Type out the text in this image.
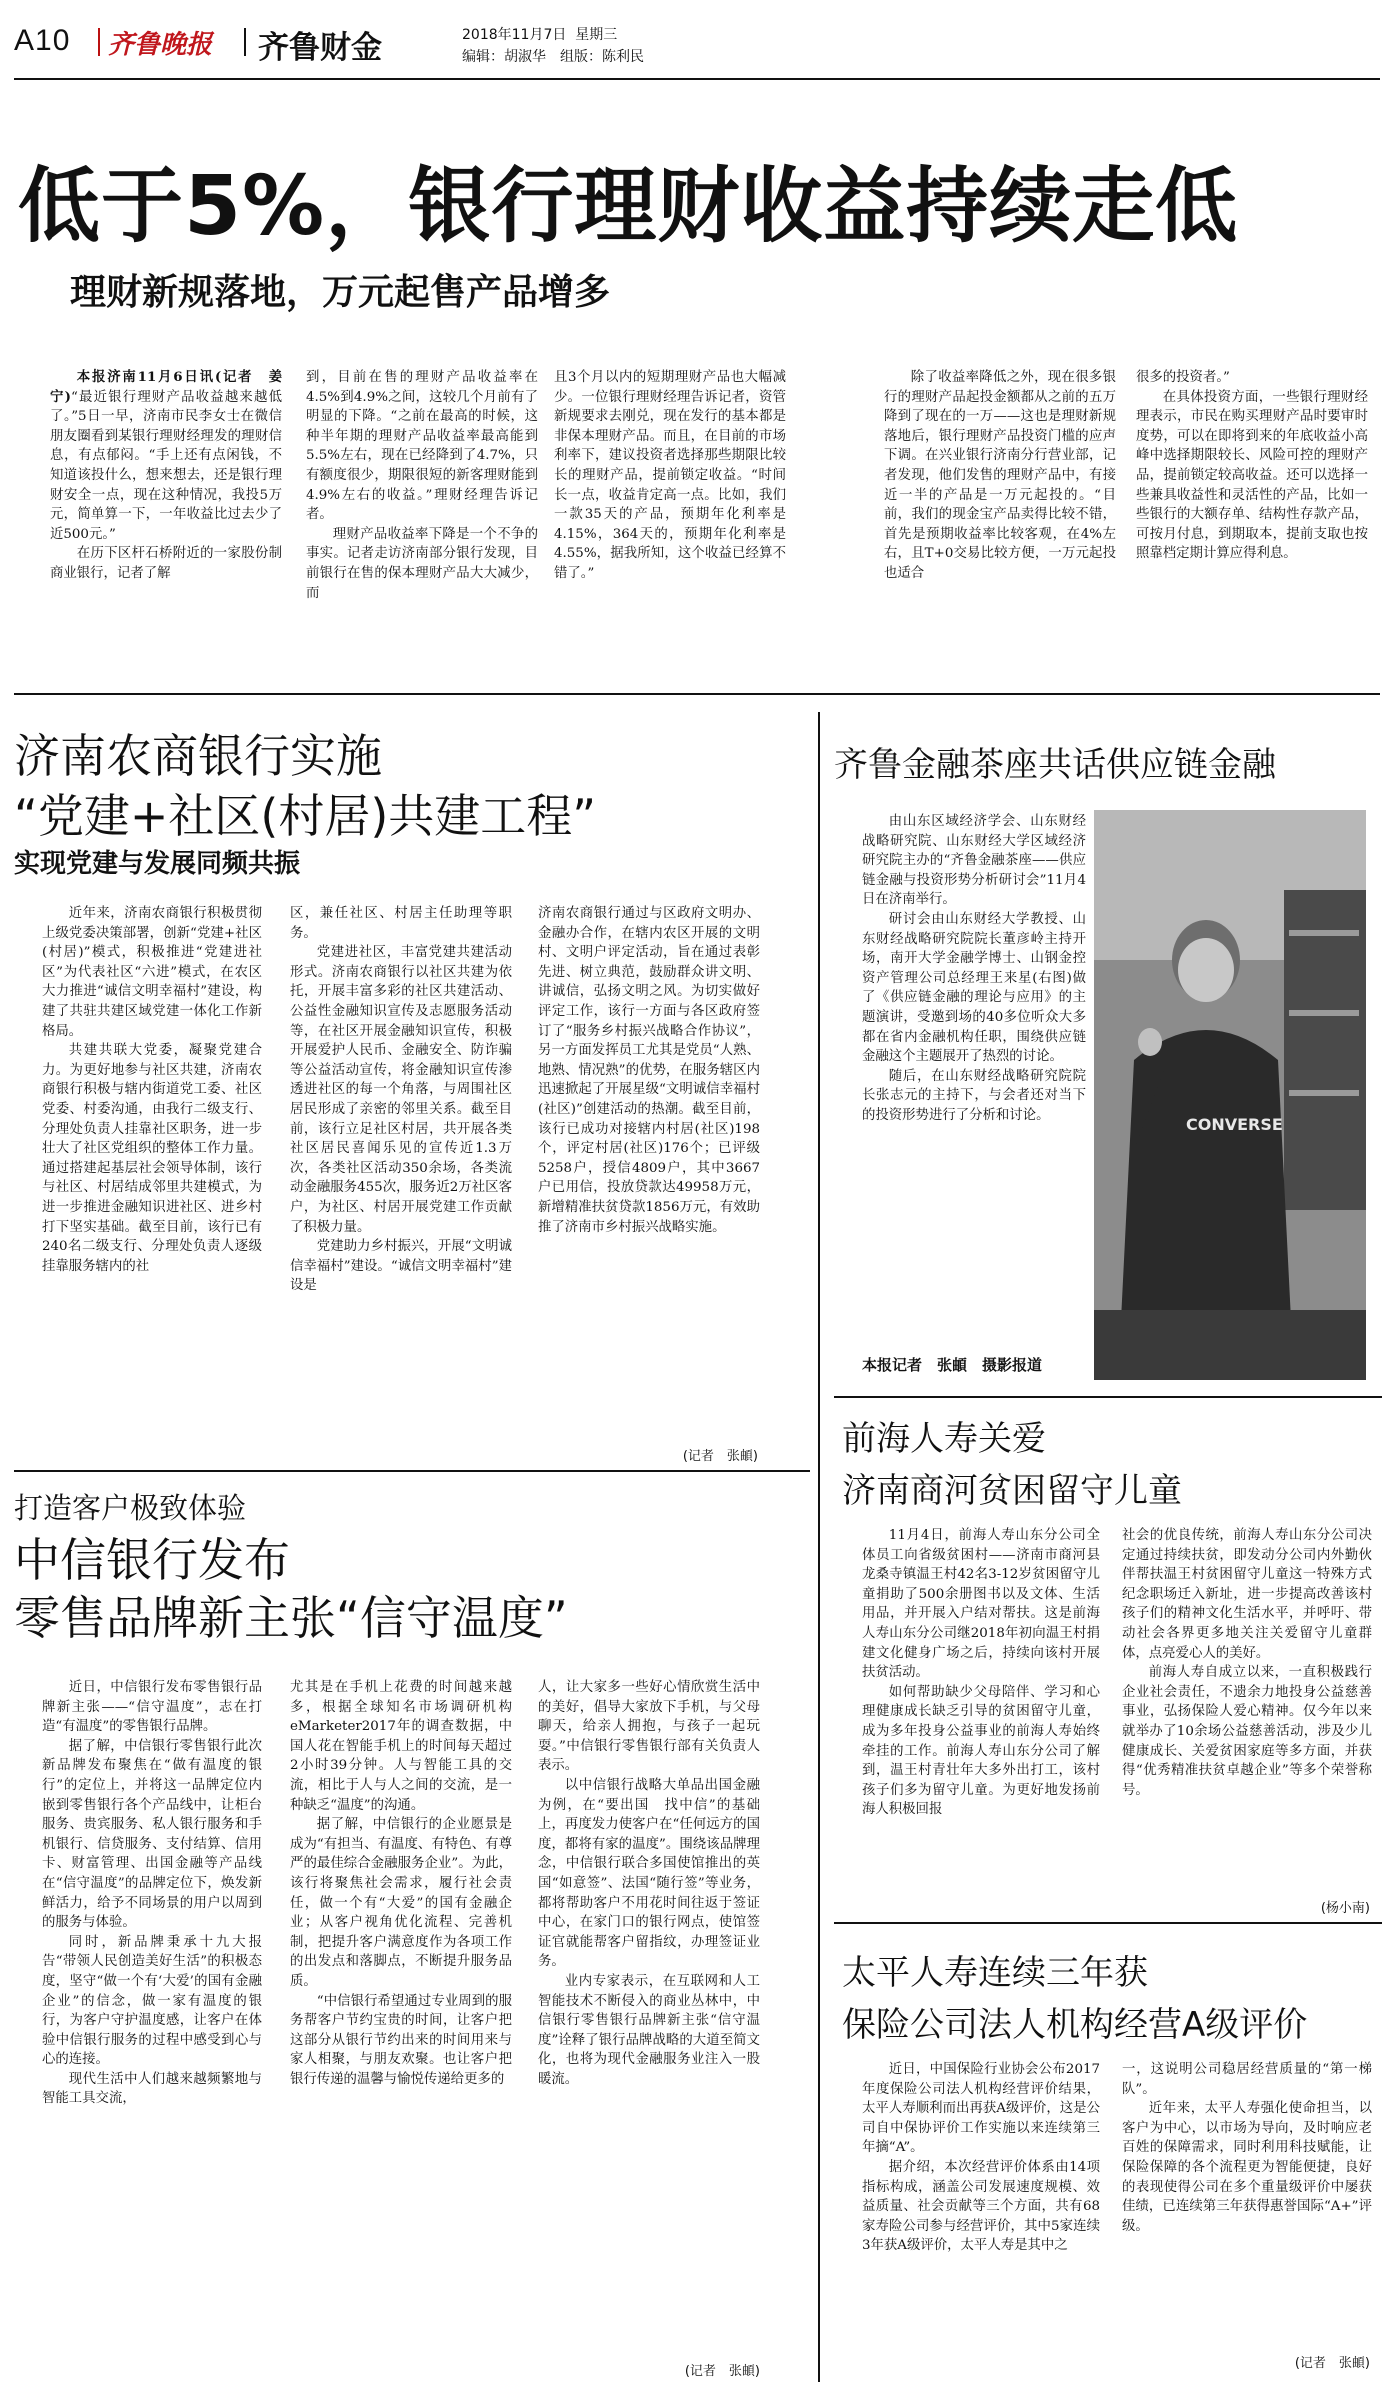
A10 齐鲁晚报 齐鲁财金	2018年11月7日 星期三
编辑：胡淑华　组版：陈利民
低于5%，银行理财收益持续走低
理财新规落地，万元起售产品增多

本报济南11月6日讯(记者　姜宁)“最近银行理财产品收益越来越低了。”5日一早，济南市民李女士在微信朋友圈看到某银行理财经理发的理财信息，有点郁闷。“手上还有点闲钱，不知道该投什么，想来想去，还是银行理财安全一点，现在这种情况，我投5万元，简单算一下，一年收益比过去少了近500元。”

在历下区杆石桥附近的一家股份制商业银行，记者了解

到，目前在售的理财产品收益率在4.5%到4.9%之间，这较几个月前有了明显的下降。“之前在最高的时候，这种半年期的理财产品收益率最高能到5.5%左右，现在已经降到了4.7%，只有额度很少，期限很短的新客理财能到4.9%左右的收益。”理财经理告诉记者。

理财产品收益率下降是一个不争的事实。记者走访济南部分银行发现，目前银行在售的保本理财产品大大减少，而

且3个月以内的短期理财产品也大幅减少。一位银行理财经理告诉记者，资管新规要求去刚兑，现在发行的基本都是非保本理财产品。而且，在目前的市场利率下，建议投资者选择那些期限比较长的理财产品，提前锁定收益。“时间长一点，收益肯定高一点。比如，我们一款35天的产品，预期年化利率是4.15%，364天的，预期年化利率是4.55%，据我所知，这个收益已经算不错了。”

除了收益率降低之外，现在很多银行的理财产品起投金额都从之前的五万降到了现在的一万——这也是理财新规落地后，银行理财产品投资门槛的应声下调。在兴业银行济南分行营业部，记者发现，他们发售的理财产品中，有接近一半的产品是一万元起投的。“目前，我们的现金宝产品卖得比较不错，首先是预期收益率比较客观，在4%左右，且T+0交易比较方便，一万元起投也适合

很多的投资者。”

在具体投资方面，一些银行理财经理表示，市民在购买理财产品时要审时度势，可以在即将到来的年底收益小高峰中选择期限较长、风险可控的理财产品，提前锁定较高收益。还可以选择一些兼具收益性和灵活性的产品，比如一些银行的大额存单、结构性存款产品，可按月付息，到期取本，提前支取也按照靠档定期计算应得利息。

济南农商银行实施
“党建+社区(村居)共建工程”
实现党建与发展同频共振

近年来，济南农商银行积极贯彻上级党委决策部署，创新“党建+社区(村居)”模式，积极推进“党建进社区”为代表社区“六进”模式，在农区大力推进“诚信文明幸福村”建设，构建了共驻共建区域党建一体化工作新格局。

共建共联大党委，凝聚党建合力。为更好地参与社区共建，济南农商银行积极与辖内街道党工委、社区党委、村委沟通，由我行二级支行、分理处负责人挂靠社区职务，进一步壮大了社区党组织的整体工作力量。通过搭建起基层社会领导体制，该行与社区、村居结成邻里共建模式，为进一步推进金融知识进社区、进乡村打下坚实基础。截至目前，该行已有240名二级支行、分理处负责人逐级挂靠服务辖内的社

区，兼任社区、村居主任助理等职务。

党建进社区，丰富党建共建活动形式。济南农商银行以社区共建为依托，开展丰富多彩的社区共建活动、公益性金融知识宣传及志愿服务活动等，在社区开展金融知识宣传，积极开展爱护人民币、金融安全、防诈骗等公益活动宣传，将金融知识宣传渗透进社区的每一个角落，与周围社区居民形成了亲密的邻里关系。截至目前，该行立足社区村居，共开展各类社区居民喜闻乐见的宣传近1.3万次，各类社区活动350余场，各类流动金融服务455次，服务近2万社区客户，为社区、村居开展党建工作贡献了积极力量。

党建助力乡村振兴，开展“文明诚信幸福村”建设。“诚信文明幸福村”建设是

济南农商银行通过与区政府文明办、金融办合作，在辖内农区开展的文明村、文明户评定活动，旨在通过表彰先进、树立典范，鼓励群众讲文明、讲诚信，弘扬文明之风。为切实做好评定工作，该行一方面与各区政府签订了“服务乡村振兴战略合作协议”，另一方面发挥员工尤其是党员“人熟、地熟、情况熟”的优势，在服务辖区内迅速掀起了开展星级“文明诚信幸福村(社区)”创建活动的热潮。截至目前，该行已成功对接辖内村居(社区)198个，评定村居(社区)176个；已评级5258户，授信4809户，其中3667户已用信，投放贷款达49958万元，新增精准扶贫贷款1856万元，有效助推了济南市乡村振兴战略实施。

(记者　张頔)
齐鲁金融茶座共话供应链金融

由山东区域经济学会、山东财经战略研究院、山东财经大学区域经济研究院主办的“齐鲁金融茶座——供应链金融与投资形势分析研讨会”11月4日在济南举行。

研讨会由山东财经大学教授、山东财经战略研究院院长董彦岭主持开场，南开大学金融学博士、山钢金控资产管理公司总经理王来星(右图)做了《供应链金融的理论与应用》的主题演讲，受邀到场的40多位听众大多都在省内金融机构任职，围绕供应链金融这个主题展开了热烈的讨论。

随后，在山东财经战略研究院院长张志元的主持下，与会者还对当下的投资形势进行了分析和讨论。	CONVERSE
本报记者　张頔　摄影报道
前海人寿关爱
济南商河贫困留守儿童

11月4日，前海人寿山东分公司全体员工向省级贫困村——济南市商河县龙桑寺镇温王村42名3-12岁贫困留守儿童捐助了500余册图书以及文体、生活用品，并开展入户结对帮扶。这是前海人寿山东分公司继2018年初向温王村捐建文化健身广场之后，持续向该村开展扶贫活动。

如何帮助缺少父母陪伴、学习和心理健康成长缺乏引导的贫困留守儿童，成为多年投身公益事业的前海人寿始终牵挂的工作。前海人寿山东分公司了解到，温王村青壮年大多外出打工，该村孩子们多为留守儿童。为更好地发扬前海人积极回报

社会的优良传统，前海人寿山东分公司决定通过持续扶贫，即发动分公司内外勤伙伴帮扶温王村贫困留守儿童这一特殊方式纪念职场迁入新址，进一步提高改善该村孩子们的精神文化生活水平，并呼吁、带动社会各界更多地关注关爱留守儿童群体，点亮爱心人的美好。

前海人寿自成立以来，一直积极践行企业社会责任，不遗余力地投身公益慈善事业，弘扬保险人爱心精神。仅今年以来就举办了10余场公益慈善活动，涉及少儿健康成长、关爱贫困家庭等多方面，并获得“优秀精准扶贫卓越企业”等多个荣誉称号。

(杨小南)
太平人寿连续三年获
保险公司法人机构经营A级评价

近日，中国保险行业协会公布2017年度保险公司法人机构经营评价结果，太平人寿顺利而出再获A级评价，这是公司自中保协评价工作实施以来连续第三年摘“A”。

据介绍，本次经营评价体系由14项指标构成，涵盖公司发展速度规模、效益质量、社会贡献等三个方面，共有68家寿险公司参与经营评价，其中5家连续3年获A级评价，太平人寿是其中之

一，这说明公司稳居经营质量的“第一梯队”。

近年来，太平人寿强化使命担当，以客户为中心，以市场为导向，及时响应老百姓的保障需求，同时利用科技赋能，让保险保障的各个流程更为智能便捷，良好的表现使得公司在多个重量级评价中屡获佳绩，已连续第三年获得惠誉国际“A+”评级。

(记者　张頔)
打造客户极致体验
中信银行发布
零售品牌新主张“信守温度”

近日，中信银行发布零售银行品牌新主张——“信守温度”，志在打造“有温度”的零售银行品牌。

据了解，中信银行零售银行此次新品牌发布聚焦在“做有温度的银行”的定位上，并将这一品牌定位内嵌到零售银行各个产品线中，让柜台服务、贵宾服务、私人银行服务和手机银行、信贷服务、支付结算、信用卡、财富管理、出国金融等产品线在“信守温度”的品牌定位下，焕发新鲜活力，给予不同场景的用户以周到的服务与体验。

同时，新品牌秉承十九大报告“带领人民创造美好生活”的积极态度，坚守“做一个有‘大爱’的国有金融企业”的信念，做一家有温度的银行，为客户守护温度感，让客户在体验中信银行服务的过程中感受到心与心的连接。

现代生活中人们越来越频繁地与智能工具交流，

尤其是在手机上花费的时间越来越多，根据全球知名市场调研机构eMarketer2017年的调查数据，中国人花在智能手机上的时间每天超过2小时39分钟。人与智能工具的交流，相比于人与人之间的交流，是一种缺乏“温度”的沟通。

据了解，中信银行的企业愿景是成为“有担当、有温度、有特色、有尊严的最佳综合金融服务企业”。为此，该行将聚焦社会需求，履行社会责任，做一个有“大爱”的国有金融企业；从客户视角优化流程、完善机制，把提升客户满意度作为各项工作的出发点和落脚点，不断提升服务品质。

“中信银行希望通过专业周到的服务帮客户节约宝贵的时间，让客户把这部分从银行节约出来的时间用来与家人相聚，与朋友欢聚。也让客户把银行传递的温馨与愉悦传递给更多的

人，让大家多一些好心情欣赏生活中的美好，倡导大家放下手机，与父母聊天，给亲人拥抱，与孩子一起玩耍。”中信银行零售银行部有关负责人表示。

以中信银行战略大单品出国金融为例，在“要出国　找中信”的基础上，再度发力使客户在“任何远方的国度，都将有家的温度”。围绕该品牌理念，中信银行联合多国使馆推出的英国“如意签”、法国“随行签”等业务，都将帮助客户不用花时间往返于签证中心，在家门口的银行网点，使馆签证官就能帮客户留指纹，办理签证业务。

业内专家表示，在互联网和人工智能技术不断侵入的商业丛林中，中信银行零售银行品牌新主张“信守温度”诠释了银行品牌战略的大道至简文化，也将为现代金融服务业注入一股暖流。

(记者　张頔)
